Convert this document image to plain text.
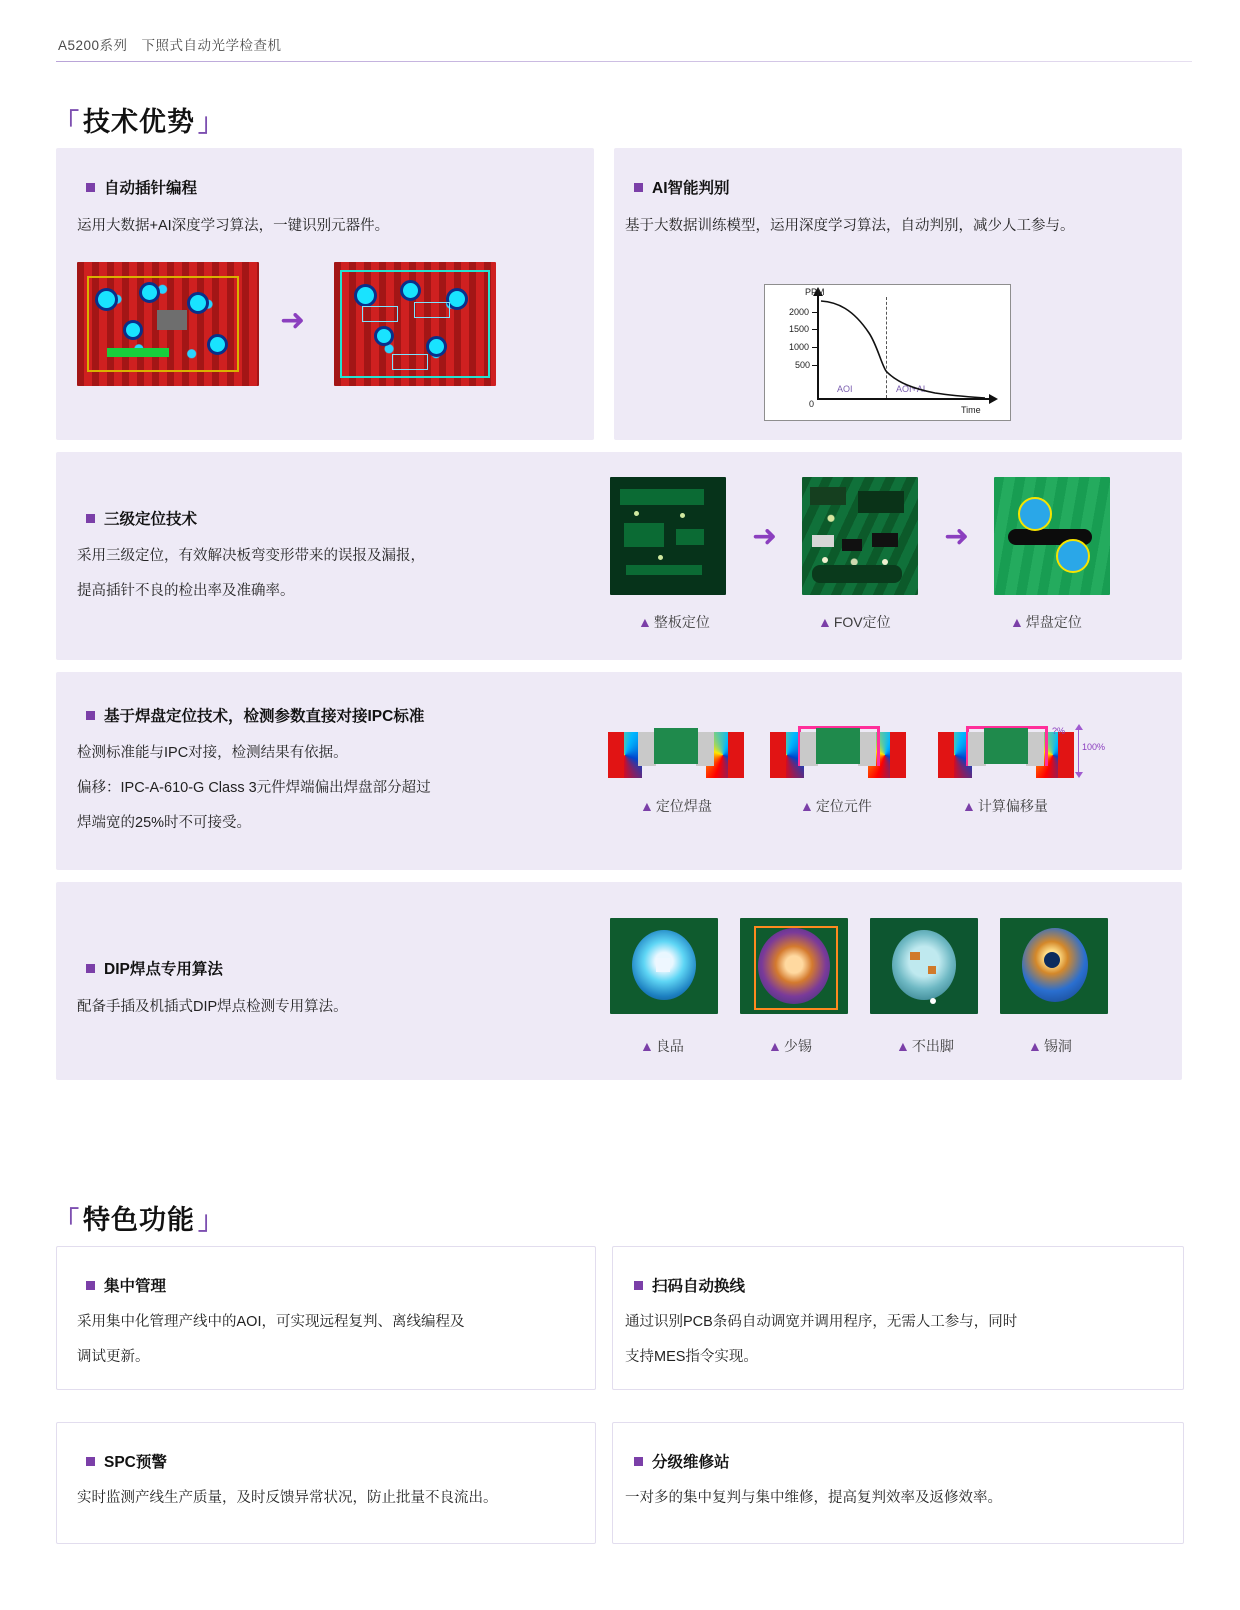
A5200系列 下照式自动光学检查机
「 技术优势 」
自动插针编程
运用大数据+AI深度学习算法，一键识别元器件。
➜
AI智能判别
基于大数据训练模型，运用深度学习算法，自动判别，减少人工参与。
2000
1500
1000
500
0
PPM
Time
AOI	AOI+AI
三级定位技术
采用三级定位，有效解决板弯变形带来的误报及漏报，
提高插针不良的检出率及准确率。
➜	➜
▲ 整板定位	▲ FOV定位	▲ 焊盘定位
基于焊盘定位技术，检测参数直接对接IPC标准
检测标准能与IPC对接，检测结果有依据。
偏移：IPC-A-610-G Class 3元件焊端偏出焊盘部分超过
焊端宽的25%时不可接受。
?%
100%
▲ 定位焊盘	▲ 定位元件	▲ 计算偏移量
DIP焊点专用算法
配备手插及机插式DIP焊点检测专用算法。
▲ 良品	▲ 少锡	▲ 不出脚	▲ 锡洞
「 特色功能 」
集中管理
采用集中化管理产线中的AOI，可实现远程复判、离线编程及
调试更新。
扫码自动换线
通过识别PCB条码自动调宽并调用程序，无需人工参与，同时
支持MES指令实现。
SPC预警
实时监测产线生产质量，及时反馈异常状况，防止批量不良流出。
分级维修站
一对多的集中复判与集中维修，提高复判效率及返修效率。
